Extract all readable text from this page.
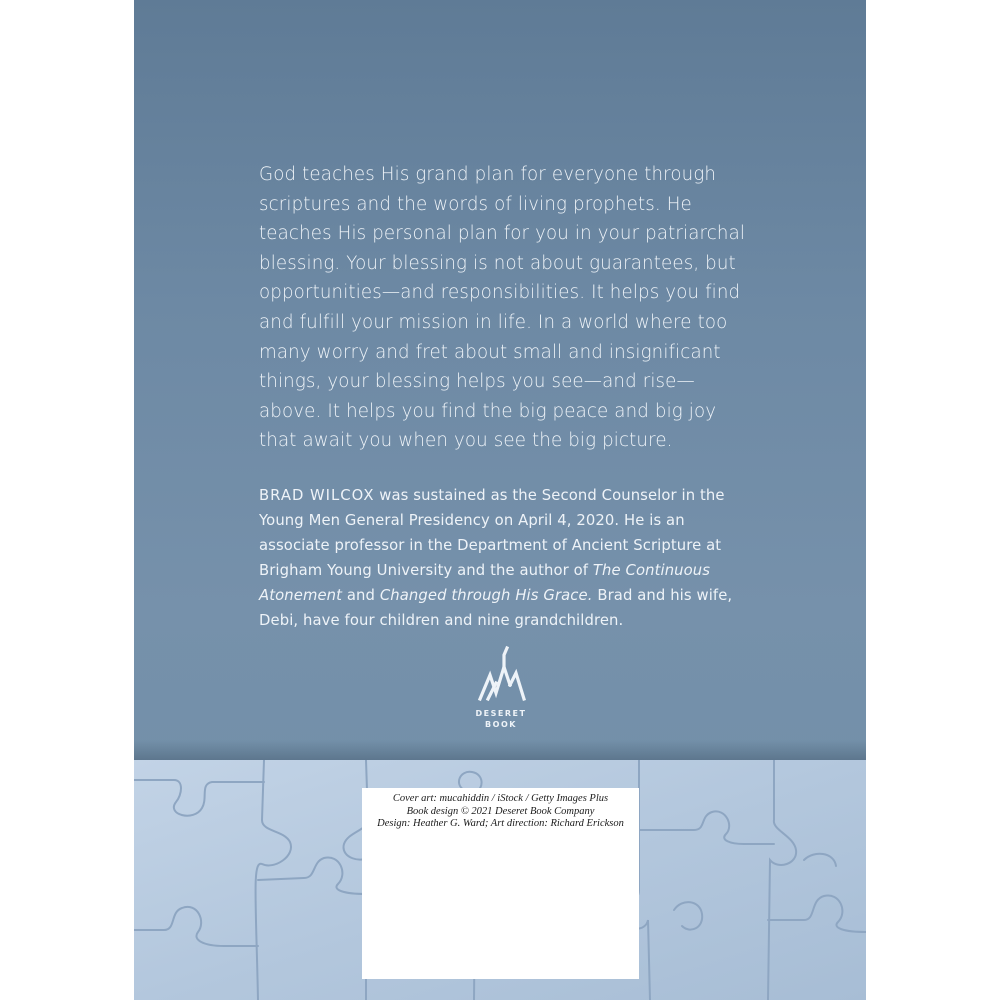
God teaches His grand plan for everyone through scriptures and the words of living prophets. He teaches His personal plan for you in your patriarchal blessing. Your blessing is not about guarantees, but opportunities—and responsibilities. It helps you find and fulfill your mission in life. In a world where too many worry and fret about small and insignificant things, your blessing helps you see—and rise—above. It helps you find the big peace and big joy that await you when you see the big picture.

BRAD WILCOX was sustained as the Second Counselor in the Young Men General Presidency on April 4, 2020. He is an associate professor in the Department of Ancient Scripture at Brigham Young University and the author of The Continuous Atonement and Changed through His Grace. Brad and his wife, Debi, have four children and nine grandchildren.

DESERET
BOOK
Cover art: mucahiddin / iStock / Getty Images Plus
Book design © 2021 Deseret Book Company
Design: Heather G. Ward; Art direction: Richard Erickson
